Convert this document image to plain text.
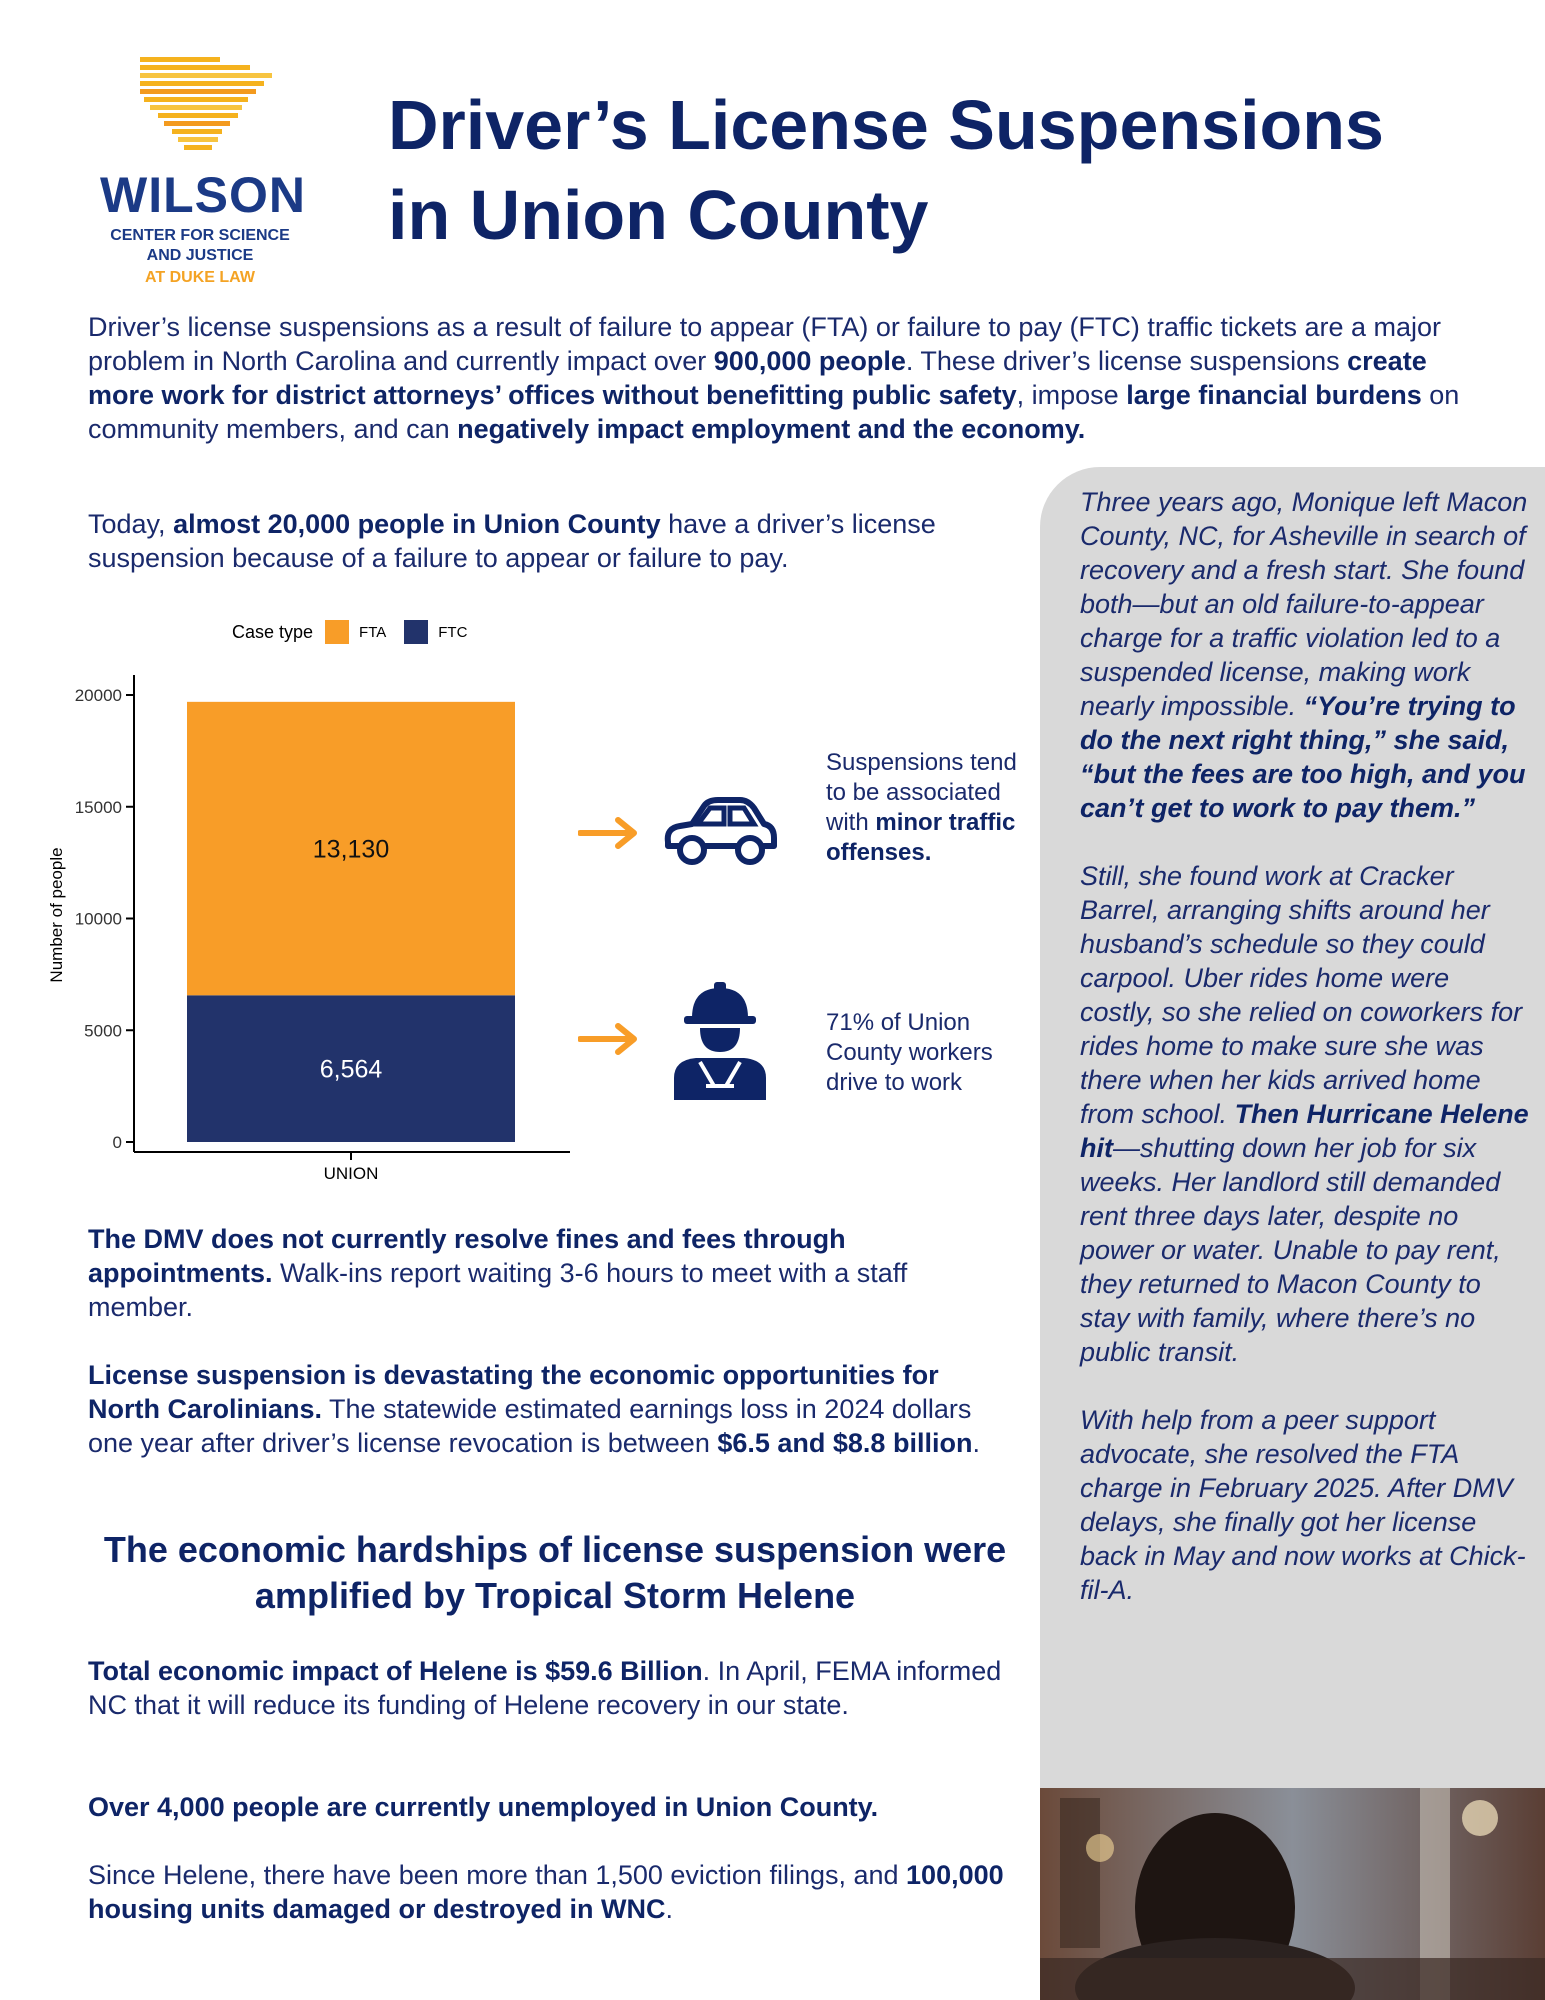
WILSON
CENTER FOR SCIENCE
AND JUSTICE
AT DUKE LAW
Driver’s License Suspensions
in Union County

Driver’s license suspensions as a result of failure to appear (FTA) or failure to pay (FTC) traffic tickets are a major problem in North Carolina and currently impact over 900,000 people. These driver’s license suspensions create more work for district attorneys’ offices without benefitting public safety, impose large financial burdens on community members, and can negatively impact employment and the economy.

Today, almost 20,000 people in Union County have a driver’s license suspension because of a failure to appear or failure to pay.

Three years ago, Monique left Macon County, NC, for Asheville in search of recovery and a fresh start. She found both—but an old failure-to-appear charge for a traffic violation led to a suspended license, making work nearly impossible. “You’re trying to do the next right thing,” she said, “but the fees are too high, and you can’t get to work to pay them.”

Still, she found work at Cracker Barrel, arranging shifts around her husband’s schedule so they could carpool. Uber rides home were costly, so she relied on coworkers for rides home to make sure she was there when her kids arrived home from school. Then Hurricane Helene hit—shutting down her job for six weeks. Her landlord still demanded rent three days later, despite no power or water. Unable to pay rent, they returned to Macon County to stay with family, where there’s no public transit.

With help from a peer support advocate, she resolved the FTA charge in February 2025. After DMV delays, she finally got her license back in May and now works at Chick-fil-A.

Case type	FTA	FTC
0
5000
10000
15000
20000
Number of people
6,564
13,130
UNION
Suspensions tend to be associated with minor traffic offenses.
71% of Union County workers drive to work

The DMV does not currently resolve fines and fees through appointments. Walk-ins report waiting 3-6 hours to meet with a staff member.

License suspension is devastating the economic opportunities for North Carolinians. The statewide estimated earnings loss in 2024 dollars one year after driver’s license revocation is between $6.5 and $8.8 billion.

The economic hardships of license suspension were
amplified by Tropical Storm Helene

Total economic impact of Helene is $59.6 Billion. In April, FEMA informed NC that it will reduce its funding of Helene recovery in our state.

Over 4,000 people are currently unemployed in Union County.

Since Helene, there have been more than 1,500 eviction filings, and 100,000 housing units damaged or destroyed in WNC.
